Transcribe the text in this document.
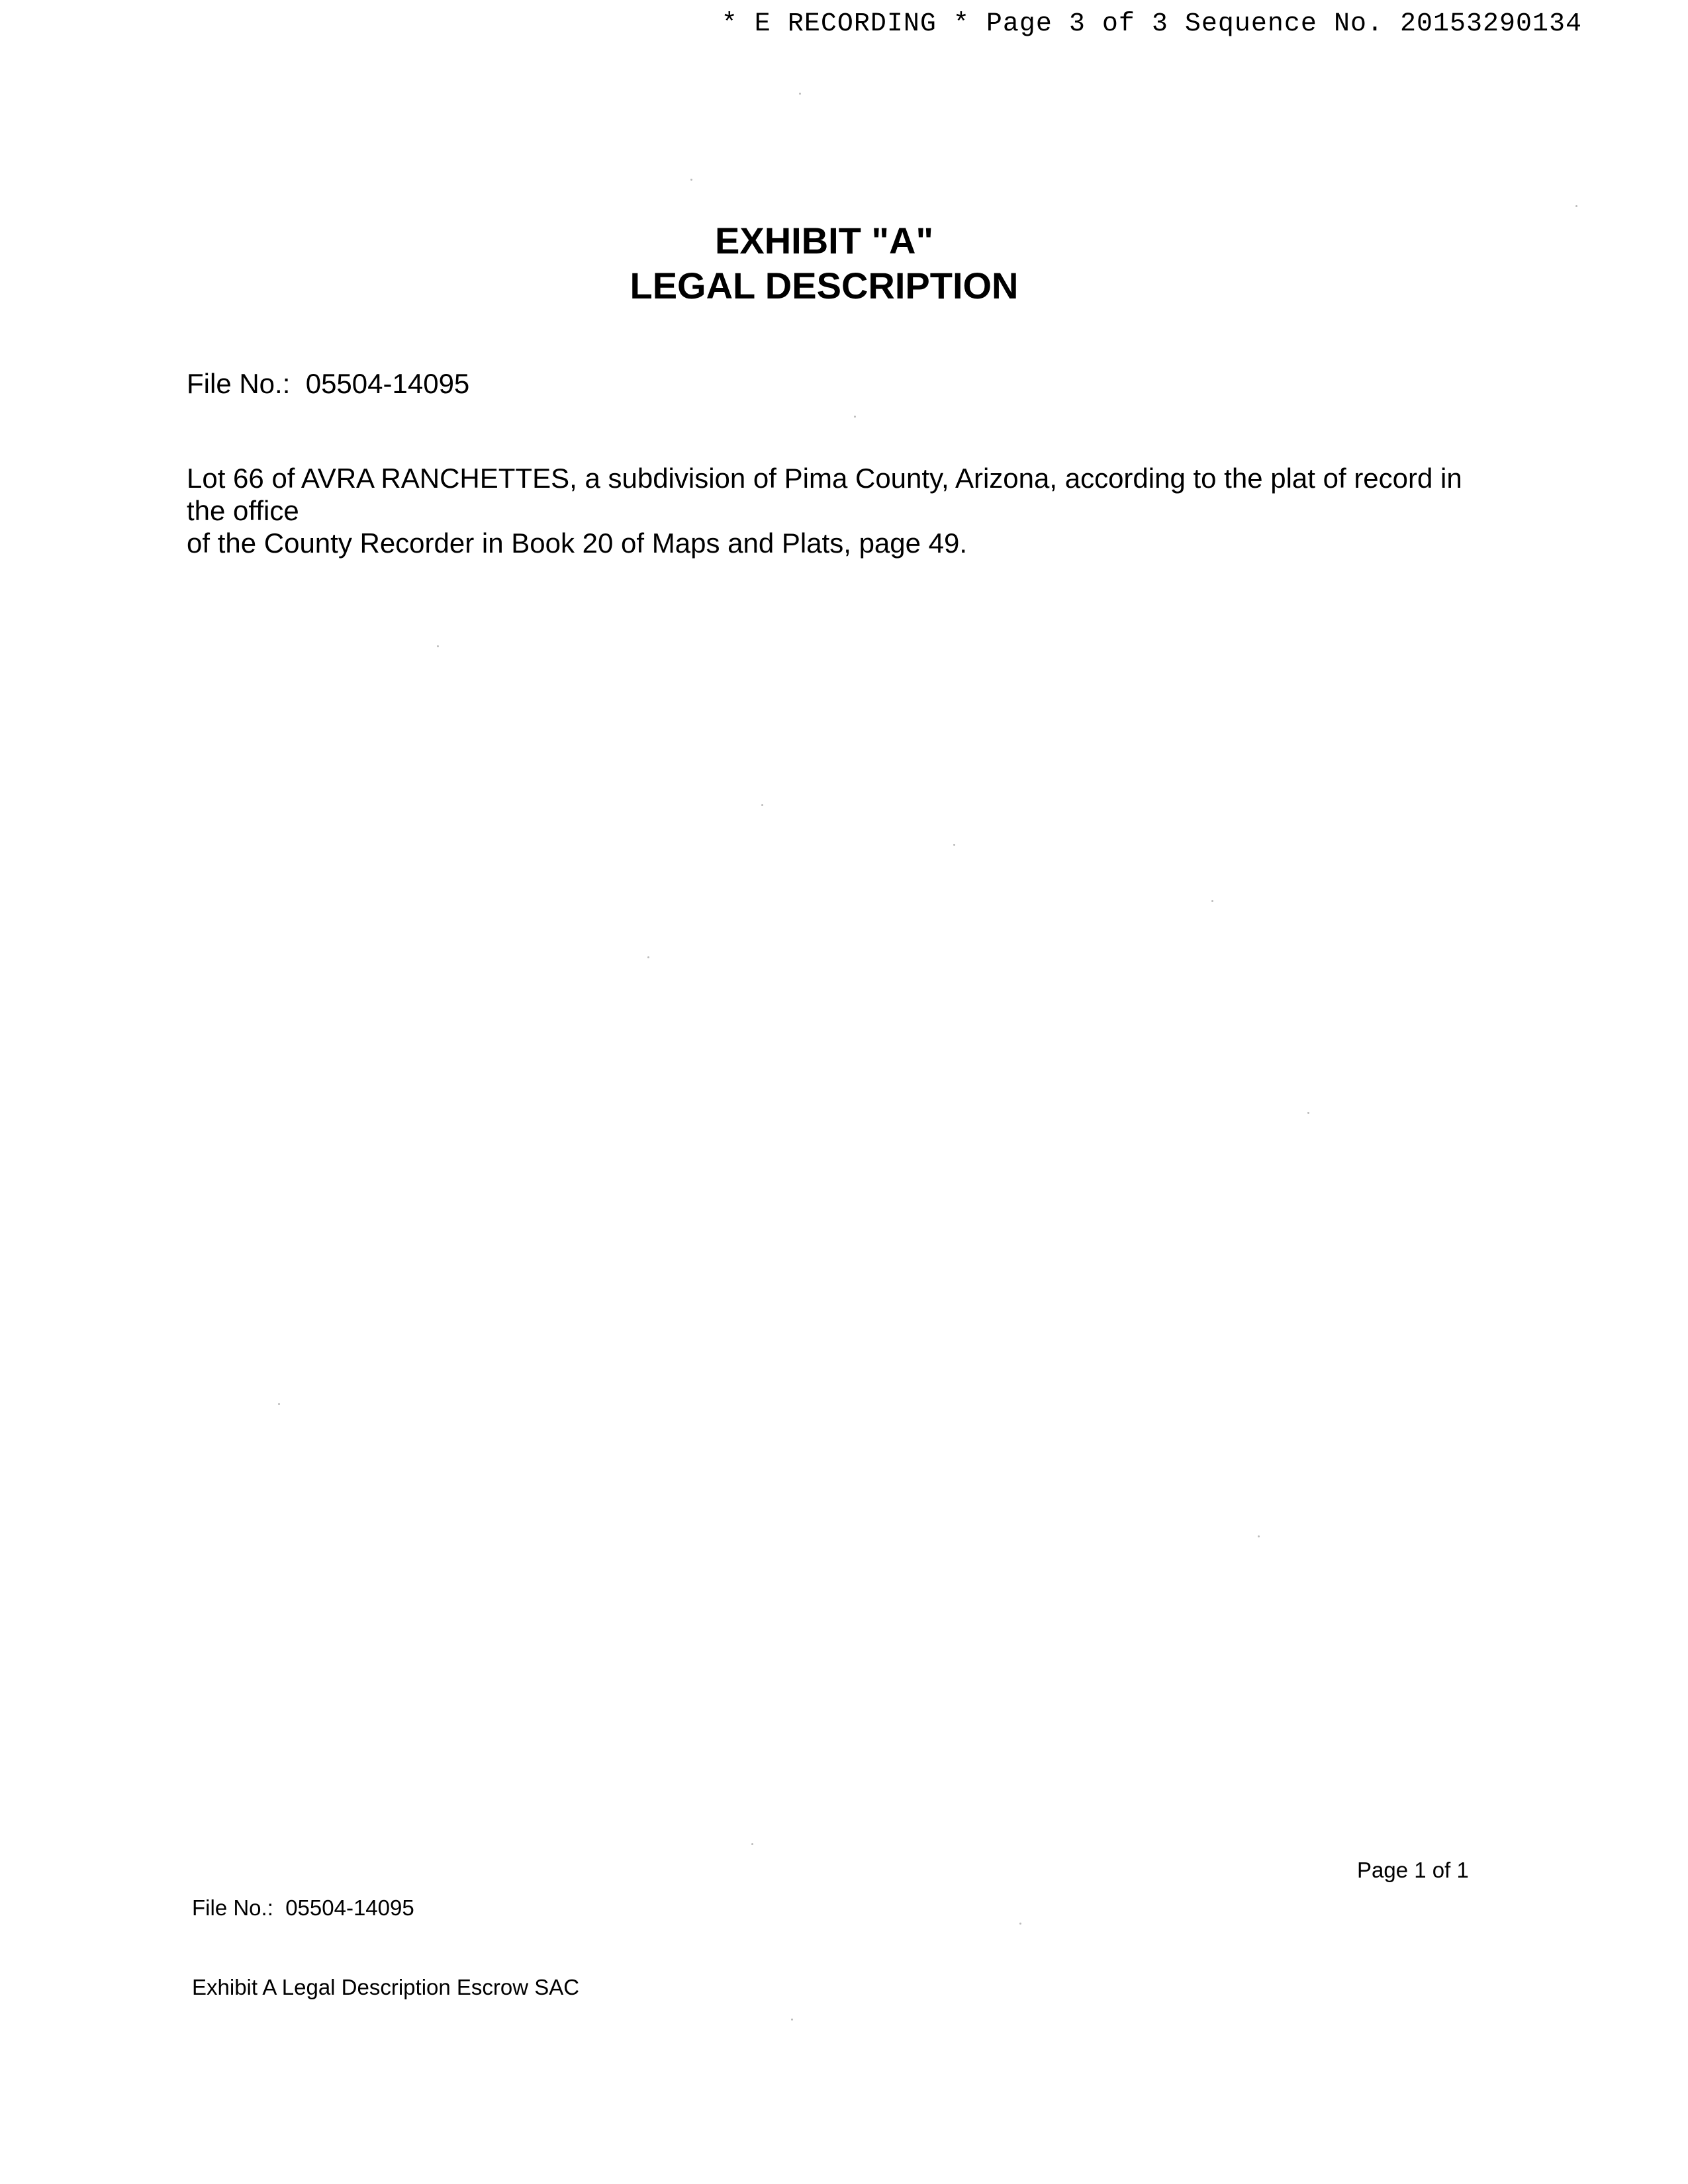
* E RECORDING * Page 3 of 3 Sequence No. 20153290134
EXHIBIT "A"
LEGAL DESCRIPTION
File No.:  05504-14095
Lot 66 of AVRA RANCHETTES, a subdivision of Pima County, Arizona, according to the plat of record in
the office
of the County Recorder in Book 20 of Maps and Plats, page 49.

File No.:  05504-14095

Exhibit A Legal Description Escrow SAC

Page 1 of 1
